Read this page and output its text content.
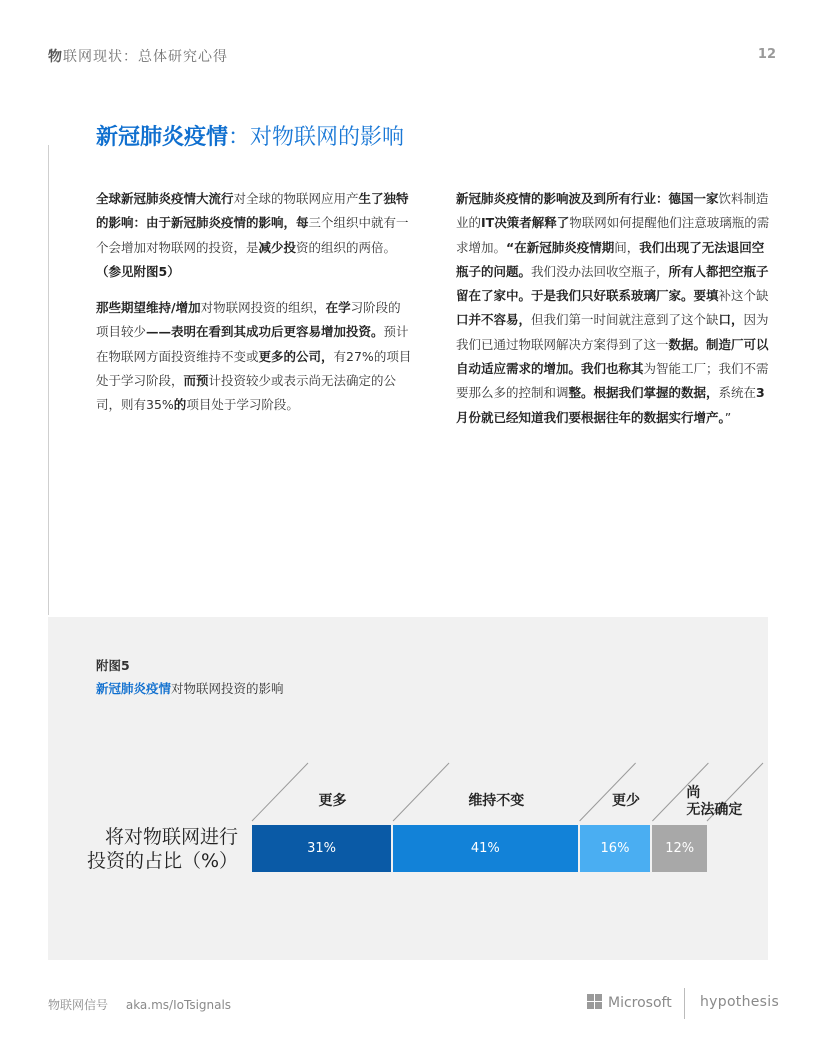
物联网现状：总体研究心得	12
新冠肺炎疫情：对物联网的影响

全球新冠肺炎疫情大流行对全球的物联网应用产生了独特的影响：由于新冠肺炎疫情的影响，每三个组织中就有一个会增加对物联网的投资，是减少投资的组织的两倍。（参见附图5）

那些期望维持/增加对物联网投资的组织，在学习阶段的项目较少——表明在看到其成功后更容易增加投资。预计在物联网方面投资维持不变或更多的公司，有27%的项目处于学习阶段，而预计投资较少或表示尚无法确定的公司，则有35%的项目处于学习阶段。

新冠肺炎疫情的影响波及到所有行业：德国一家饮料制造业的IT决策者解释了物联网如何提醒他们注意玻璃瓶的需求增加。“在新冠肺炎疫情期间，我们出现了无法退回空瓶子的问题。我们没办法回收空瓶子，所有人都把空瓶子留在了家中。于是我们只好联系玻璃厂家。要填补这个缺口并不容易，但我们第一时间就注意到了这个缺口，因为我们已通过物联网解决方案得到了这一数据。制造厂可以自动适应需求的增加。我们也称其为智能工厂；我们不需要那么多的控制和调整。根据我们掌握的数据，系统在3月份就已经知道我们要根据往年的数据实行增产。”

附图5
新冠肺炎疫情对物联网投资的影响
将对物联网进行
投资的占比（%）
31%
更多
41%
维持不变
16%
更少
12%
尚
无法确定
物联网信号 aka.ms/IoTsignals	Microsoft hypothesis
